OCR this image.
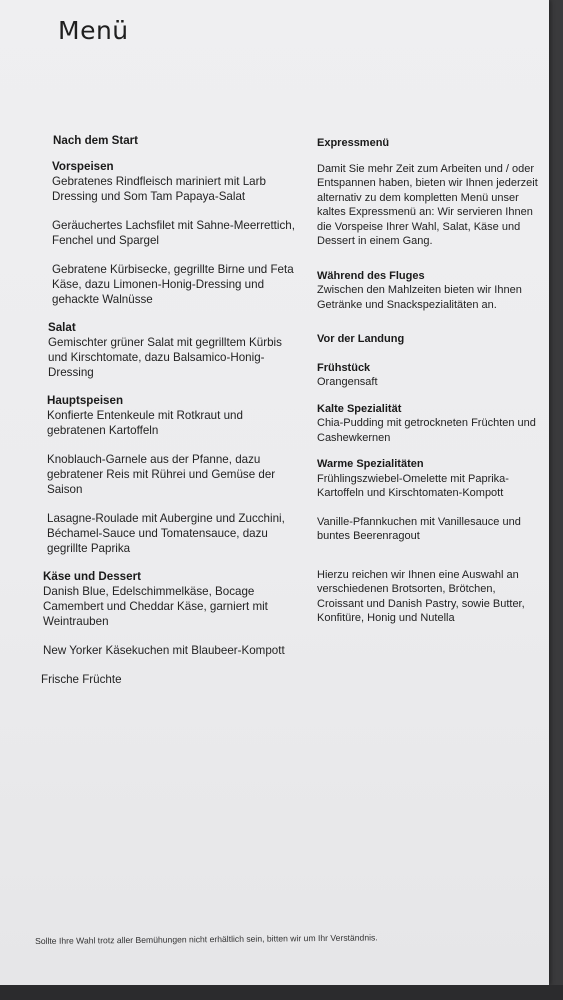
Menü
Nach dem Start
Vorspeisen
Gebratenes Rindfleisch mariniert mit Larb Dressing und Som Tam Papaya-Salat
Geräuchertes Lachsfilet mit Sahne-Meerrettich, Fenchel und Spargel
Gebratene Kürbisecke, gegrillte Birne und Feta Käse, dazu Limonen-Honig-Dressing und gehackte Walnüsse
Salat
Gemischter grüner Salat mit gegrilltem Kürbis und Kirschtomate, dazu Balsamico-Honig-Dressing
Hauptspeisen
Konfierte Entenkeule mit Rotkraut und gebratenen Kartoffeln
Knoblauch-Garnele aus der Pfanne, dazu gebratener Reis mit Rührei und Gemüse der Saison
Lasagne-Roulade mit Aubergine und Zucchini, Béchamel-Sauce und Tomatensauce, dazu gegrillte Paprika
Käse und Dessert
Danish Blue, Edelschimmelkäse, Bocage Camembert und Cheddar Käse, garniert mit Weintrauben
New Yorker Käsekuchen mit Blaubeer-Kompott
Frische Früchte
Expressmenü
Damit Sie mehr Zeit zum Arbeiten und / oder Entspannen haben, bieten wir Ihnen jederzeit alternativ zu dem kompletten Menü unser kaltes Expressmenü an: Wir servieren Ihnen die Vorspeise Ihrer Wahl, Salat, Käse und Dessert in einem Gang.
Während des Fluges
Zwischen den Mahlzeiten bieten wir Ihnen Getränke und Snackspezialitäten an.
Vor der Landung
Frühstück
Orangensaft
Kalte Spezialität
Chia-Pudding mit getrockneten Früchten und Cashewkernen
Warme Spezialitäten
Frühlingszwiebel-Omelette mit Paprika-Kartoffeln und Kirschtomaten-Kompott
Vanille-Pfannkuchen mit Vanillesauce und buntes Beerenragout
Hierzu reichen wir Ihnen eine Auswahl an verschiedenen Brotsorten, Brötchen, Croissant und Danish Pastry, sowie Butter, Konfitüre, Honig und Nutella
Sollte Ihre Wahl trotz aller Bemühungen nicht erhältlich sein, bitten wir um Ihr Verständnis.
